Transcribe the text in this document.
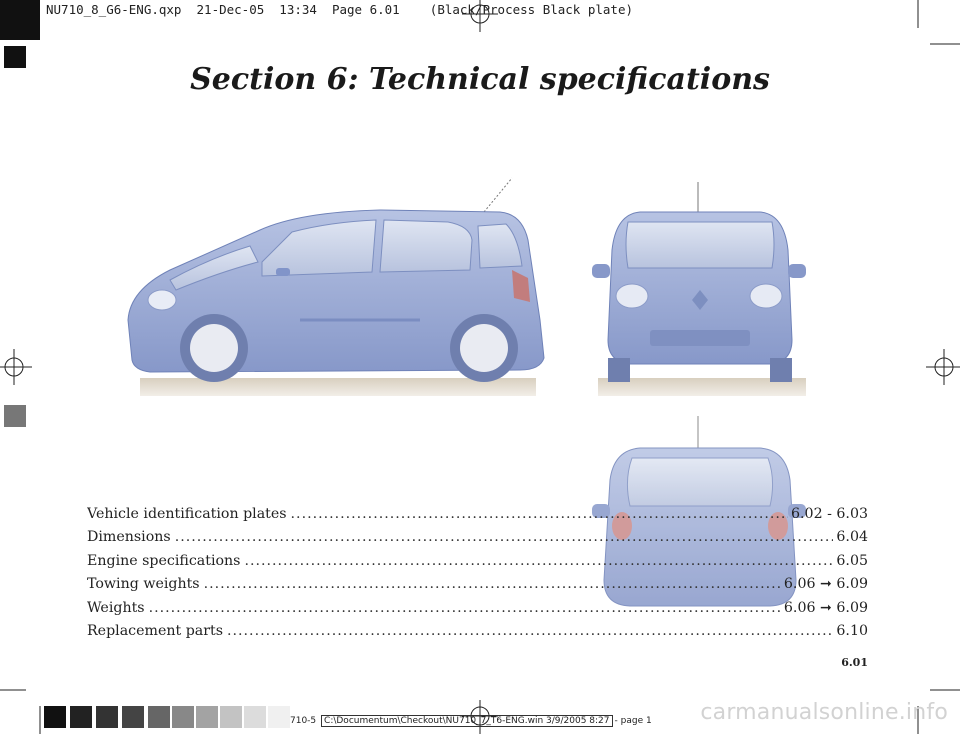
NU710_8_G6-ENG.qxp  21-Dec-05  13:34  Page 6.01    (Black/Process Black plate)
Section 6: Technical specifications
Vehicle identification plates .....	6.02 - 6.03
Dimensions .....	6.04
Engine specifications .....	6.05
Towing weights .....	6.06 ➞ 6.09
Weights .....	6.06 ➞ 6.09
Replacement parts .....	6.10
6.01
710-5 C:\Documentum\Checkout\NU710_7_T6-ENG.win 3/9/2005 8:27 - page 1 carmanualsonline.info
